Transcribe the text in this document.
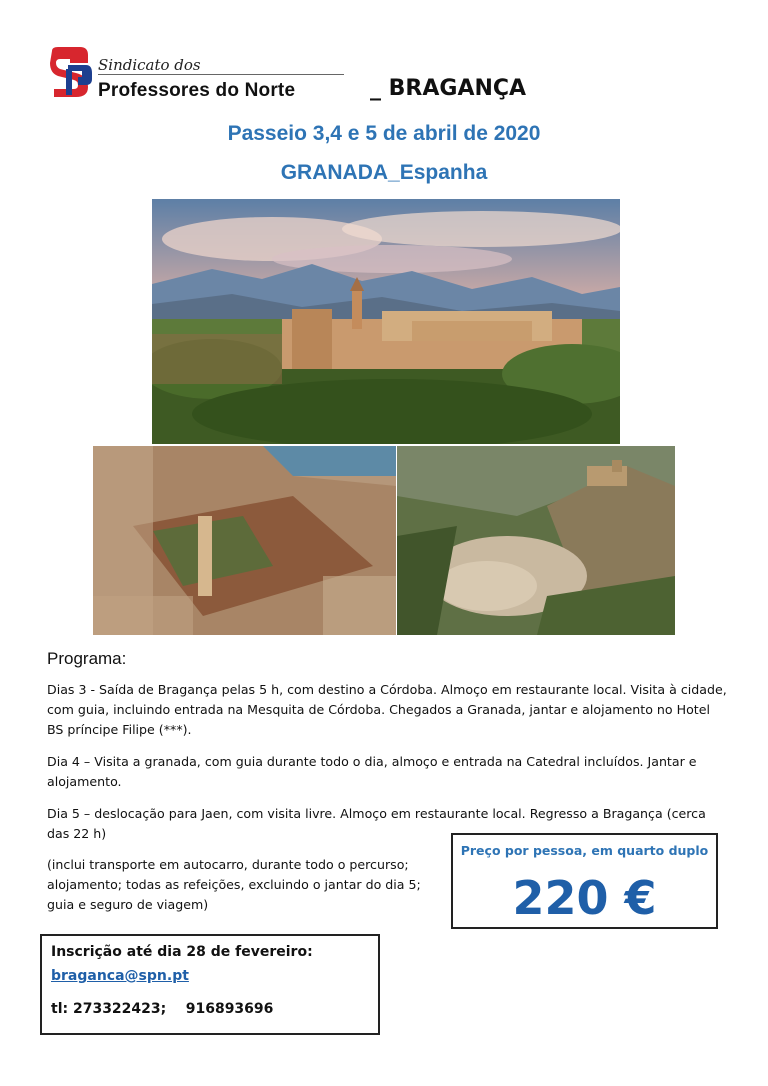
Sindicato dos
Professores do Norte	_ BRAGANÇA
Passeio 3,4 e 5 de abril de 2020
GRANADA_Espanha
Programa:
Dias 3 - Saída de Bragança pelas 5 h, com destino a Córdoba. Almoço em restaurante local. Visita à cidade, com guia, incluindo entrada na Mesquita de Córdoba. Chegados a Granada, jantar e alojamento no Hotel BS príncipe Filipe (***).
Dia 4 – Visita a granada, com guia durante todo o dia, almoço e entrada na Catedral incluídos. Jantar e alojamento.
Dia 5 – deslocação para Jaen, com visita livre. Almoço em restaurante local. Regresso a Bragança (cerca das 22 h)
(inclui transporte em autocarro, durante todo o percurso; alojamento; todas as refeições, excluindo o jantar do dia 5; guia e seguro de viagem)
Preço por pessoa, em quarto duplo
220 €
Inscrição até dia 28 de fevereiro:
braganca@spn.pt
tl: 273322423;    916893696
